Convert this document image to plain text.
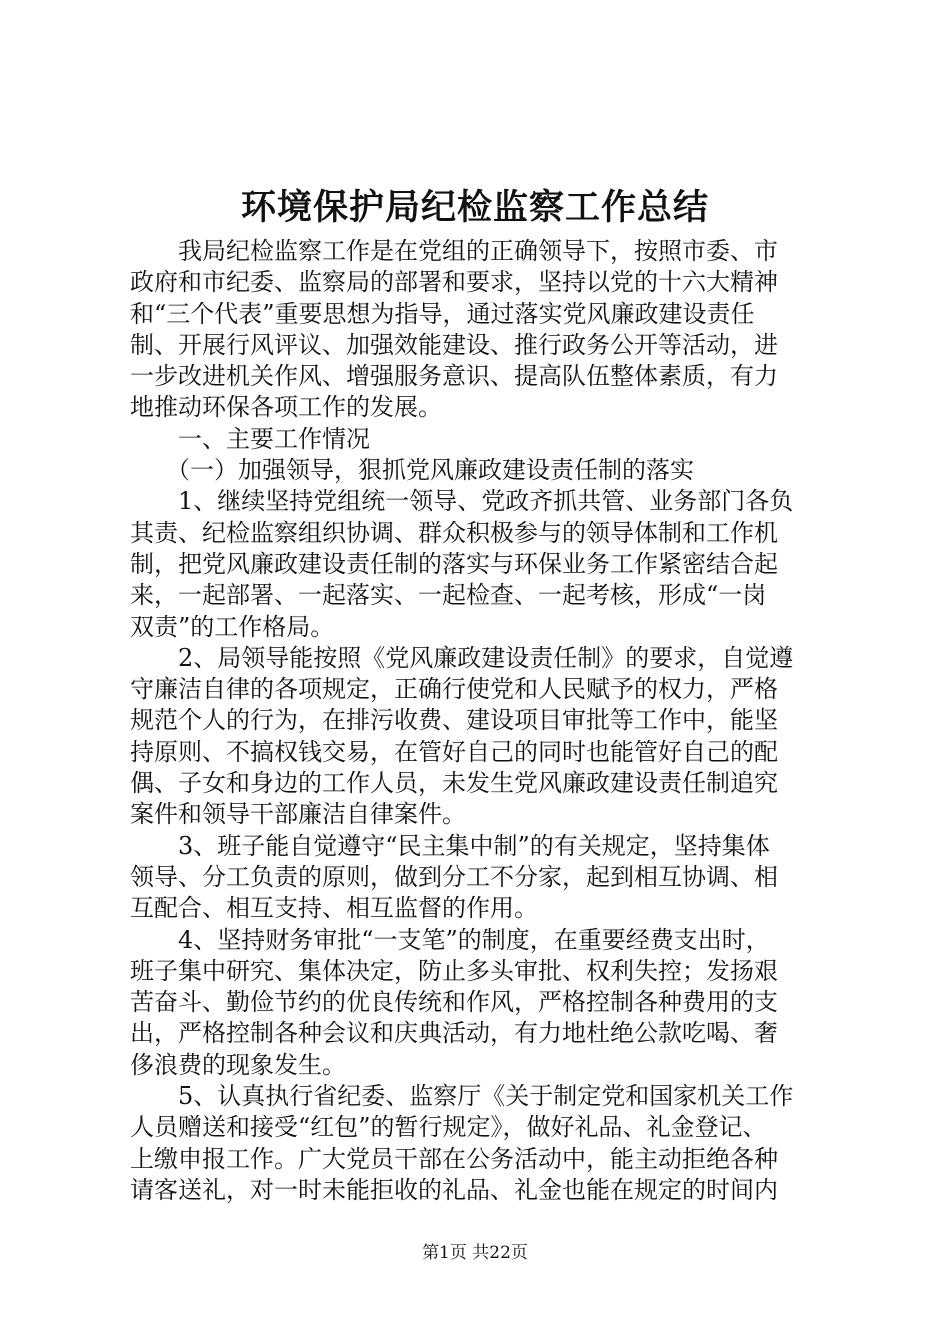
环境保护局纪检监察工作总结
　　我局纪检监察工作是在党组的正确领导下，按照市委、市
政府和市纪委、监察局的部署和要求，坚持以党的十六大精神
和“三个代表”重要思想为指导，通过落实党风廉政建设责任
制、开展行风评议、加强效能建设、推行政务公开等活动，进
一步改进机关作风、增强服务意识、提高队伍整体素质，有力
地推动环保各项工作的发展。
　　一、主要工作情况
　　（一）加强领导，狠抓党风廉政建设责任制的落实
　　1、继续坚持党组统一领导、党政齐抓共管、业务部门各负
其责、纪检监察组织协调、群众积极参与的领导体制和工作机
制，把党风廉政建设责任制的落实与环保业务工作紧密结合起
来，一起部署、一起落实、一起检查、一起考核，形成“一岗
双责”的工作格局。
　　2、局领导能按照《党风廉政建设责任制》的要求，自觉遵
守廉洁自律的各项规定，正确行使党和人民赋予的权力，严格
规范个人的行为，在排污收费、建设项目审批等工作中，能坚
持原则、不搞权钱交易，在管好自己的同时也能管好自己的配
偶、子女和身边的工作人员，未发生党风廉政建设责任制追究
案件和领导干部廉洁自律案件。
　　3、班子能自觉遵守“民主集中制”的有关规定，坚持集体
领导、分工负责的原则，做到分工不分家，起到相互协调、相
互配合、相互支持、相互监督的作用。
　　4、坚持财务审批“一支笔”的制度，在重要经费支出时，
班子集中研究、集体决定，防止多头审批、权利失控；发扬艰
苦奋斗、勤俭节约的优良传统和作风，严格控制各种费用的支
出，严格控制各种会议和庆典活动，有力地杜绝公款吃喝、奢
侈浪费的现象发生。
　　5、认真执行省纪委、监察厅《关于制定党和国家机关工作
人员赠送和接受“红包”的暂行规定》，做好礼品、礼金登记、
上缴申报工作。广大党员干部在公务活动中，能主动拒绝各种
请客送礼，对一时未能拒收的礼品、礼金也能在规定的时间内
第1页 共22页
